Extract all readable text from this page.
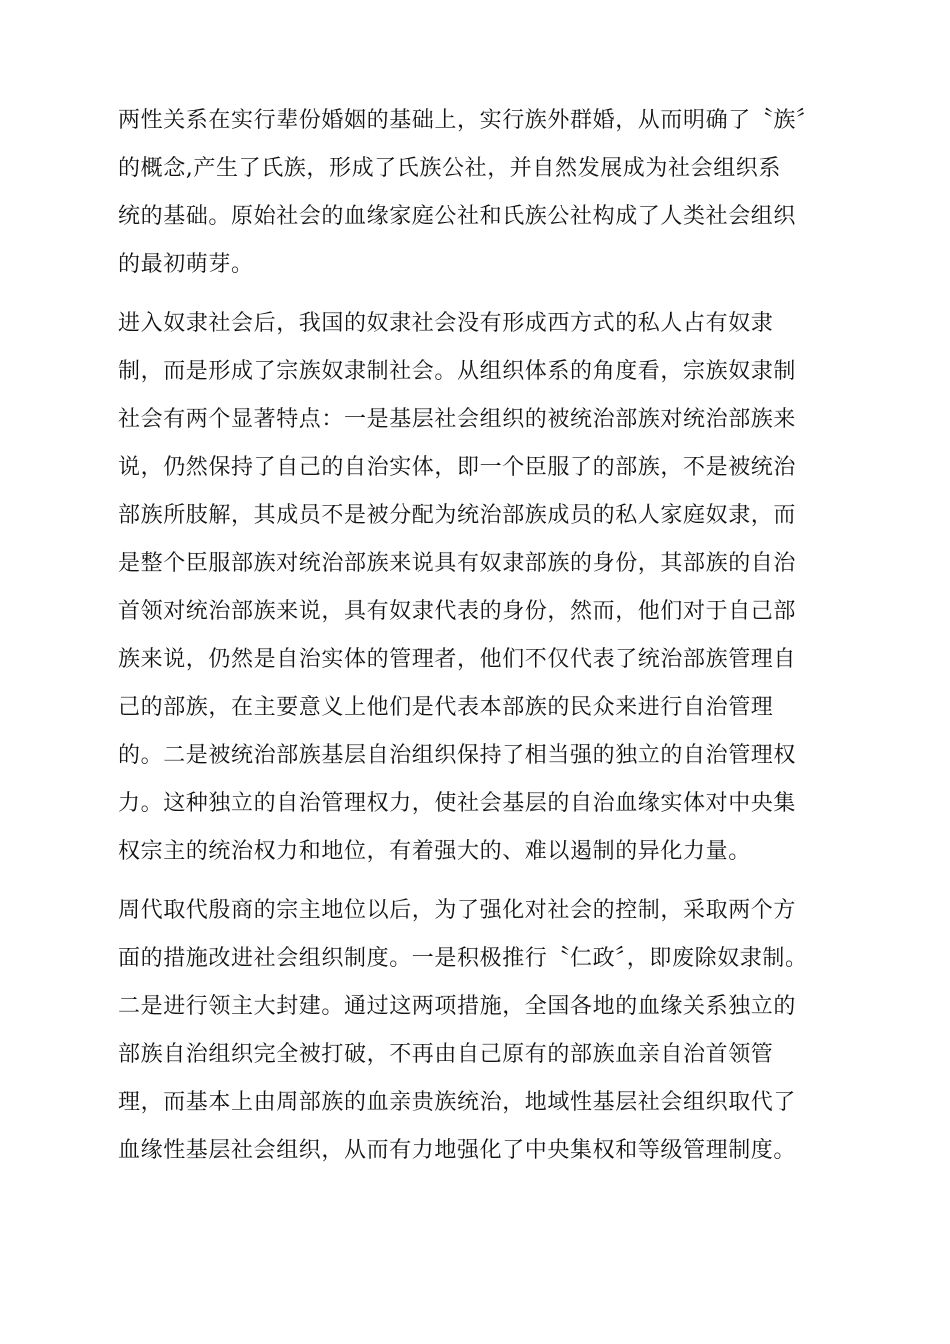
两性关系在实行辈份婚姻的基础上，实行族外群婚，从而明确了〝族〞
的概念,产生了氏族，形成了氏族公社，并自然发展成为社会组织系
统的基础。原始社会的血缘家庭公社和氏族公社构成了人类社会组织
的最初萌芽。
进入奴隶社会后，我国的奴隶社会没有形成西方式的私人占有奴隶
制，而是形成了宗族奴隶制社会。从组织体系的角度看，宗族奴隶制
社会有两个显著特点：一是基层社会组织的被统治部族对统治部族来
说，仍然保持了自己的自治实体，即一个臣服了的部族，不是被统治
部族所肢解，其成员不是被分配为统治部族成员的私人家庭奴隶，而
是整个臣服部族对统治部族来说具有奴隶部族的身份，其部族的自治
首领对统治部族来说，具有奴隶代表的身份，然而，他们对于自己部
族来说，仍然是自治实体的管理者，他们不仅代表了统治部族管理自
己的部族，在主要意义上他们是代表本部族的民众来进行自治管理
的。二是被统治部族基层自治组织保持了相当强的独立的自治管理权
力。这种独立的自治管理权力，使社会基层的自治血缘实体对中央集
权宗主的统治权力和地位，有着强大的、难以遏制的异化力量。
周代取代殷商的宗主地位以后，为了强化对社会的控制，采取两个方
面的措施改进社会组织制度。一是积极推行〝仁政〞，即废除奴隶制。
二是进行领主大封建。通过这两项措施，全国各地的血缘关系独立的
部族自治组织完全被打破，不再由自己原有的部族血亲自治首领管
理，而基本上由周部族的血亲贵族统治，地域性基层社会组织取代了
血缘性基层社会组织，从而有力地强化了中央集权和等级管理制度。
